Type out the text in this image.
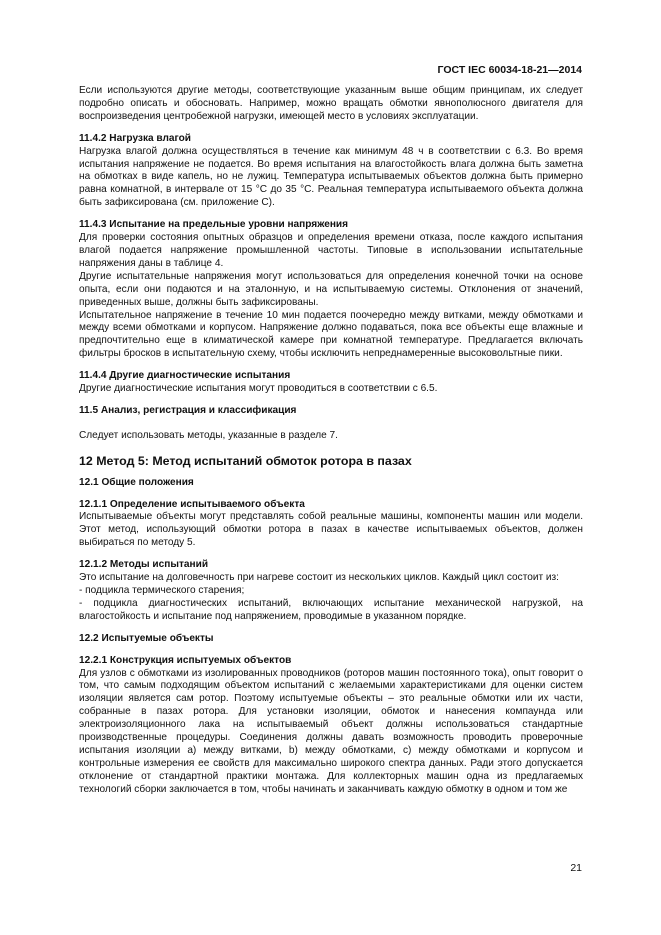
ГОСТ IEC 60034-18-21—2014
Если используются другие методы, соответствующие указанным выше общим принципам, их следует подробно описать и обосновать. Например, можно вращать обмотки явнополюсного двигателя для воспроизведения центробежной нагрузки, имеющей место в условиях эксплуатации.
11.4.2 Нагрузка влагой
Нагрузка влагой должна осуществляться в течение как минимум 48 ч в соответствии с 6.3. Во время испытания напряжение не подается. Во время испытания на влагостойкость влага должна быть заметна на обмотках в виде капель, но не лужиц. Температура испытываемых объектов должна быть примерно равна комнатной, в интервале от 15 °C до 35 °C. Реальная температура испытываемого объекта должна быть зафиксирована (см. приложение С).
11.4.3 Испытание на предельные уровни напряжения
Для проверки состояния опытных образцов и определения времени отказа, после каждого испытания влагой подается напряжение промышленной частоты. Типовые в использовании испытательные напряжения даны в таблице 4.
Другие испытательные напряжения могут использоваться для определения конечной точки на основе опыта, если они подаются и на эталонную, и на испытываемую системы. Отклонения от значений, приведенных выше, должны быть зафиксированы.
Испытательное напряжение в течение 10 мин подается поочередно между витками, между обмотками и между всеми обмотками и корпусом. Напряжение должно подаваться, пока все объекты еще влажные и предпочтительно еще в климатической камере при комнатной температуре. Предлагается включать фильтры бросков в испытательную схему, чтобы исключить непреднамеренные высоковольтные пики.
11.4.4 Другие диагностические испытания
Другие диагностические испытания могут проводиться в соответствии с 6.5.
11.5 Анализ, регистрация и классификация
Следует использовать методы, указанные в разделе 7.
12 Метод 5: Метод испытаний обмоток ротора в пазах
12.1 Общие положения
12.1.1 Определение испытываемого объекта
Испытываемые объекты могут представлять собой реальные машины, компоненты машин или модели. Этот метод, использующий обмотки ротора в пазах в качестве испытываемых объектов, должен выбираться по методу 5.
12.1.2 Методы испытаний
Это испытание на долговечность при нагреве состоит из нескольких циклов. Каждый цикл состоит из:
- подцикла термического старения;
- подцикла диагностических испытаний, включающих испытание механической нагрузкой, на влагостойкость и испытание под напряжением, проводимые в указанном порядке.
12.2 Испытуемые объекты
12.2.1 Конструкция испытуемых объектов
Для узлов с обмотками из изолированных проводников (роторов машин постоянного тока), опыт говорит о том, что самым подходящим объектом испытаний с желаемыми характеристиками для оценки систем изоляции является сам ротор. Поэтому испытуемые объекты – это реальные обмотки или их части, собранные в пазах ротора. Для установки изоляции, обмоток и нанесения компаунда или электроизоляционного лака на испытываемый объект должны использоваться стандартные производственные процедуры. Соединения должны давать возможность проводить проверочные испытания изоляции а) между витками, b) между обмотками, с) между обмотками и корпусом и контрольные измерения ее свойств для максимально широкого спектра данных. Ради этого допускается отклонение от стандартной практики монтажа. Для коллекторных машин одна из предлагаемых технологий сборки заключается в том, чтобы начинать и заканчивать каждую обмотку в одном и том же
21
